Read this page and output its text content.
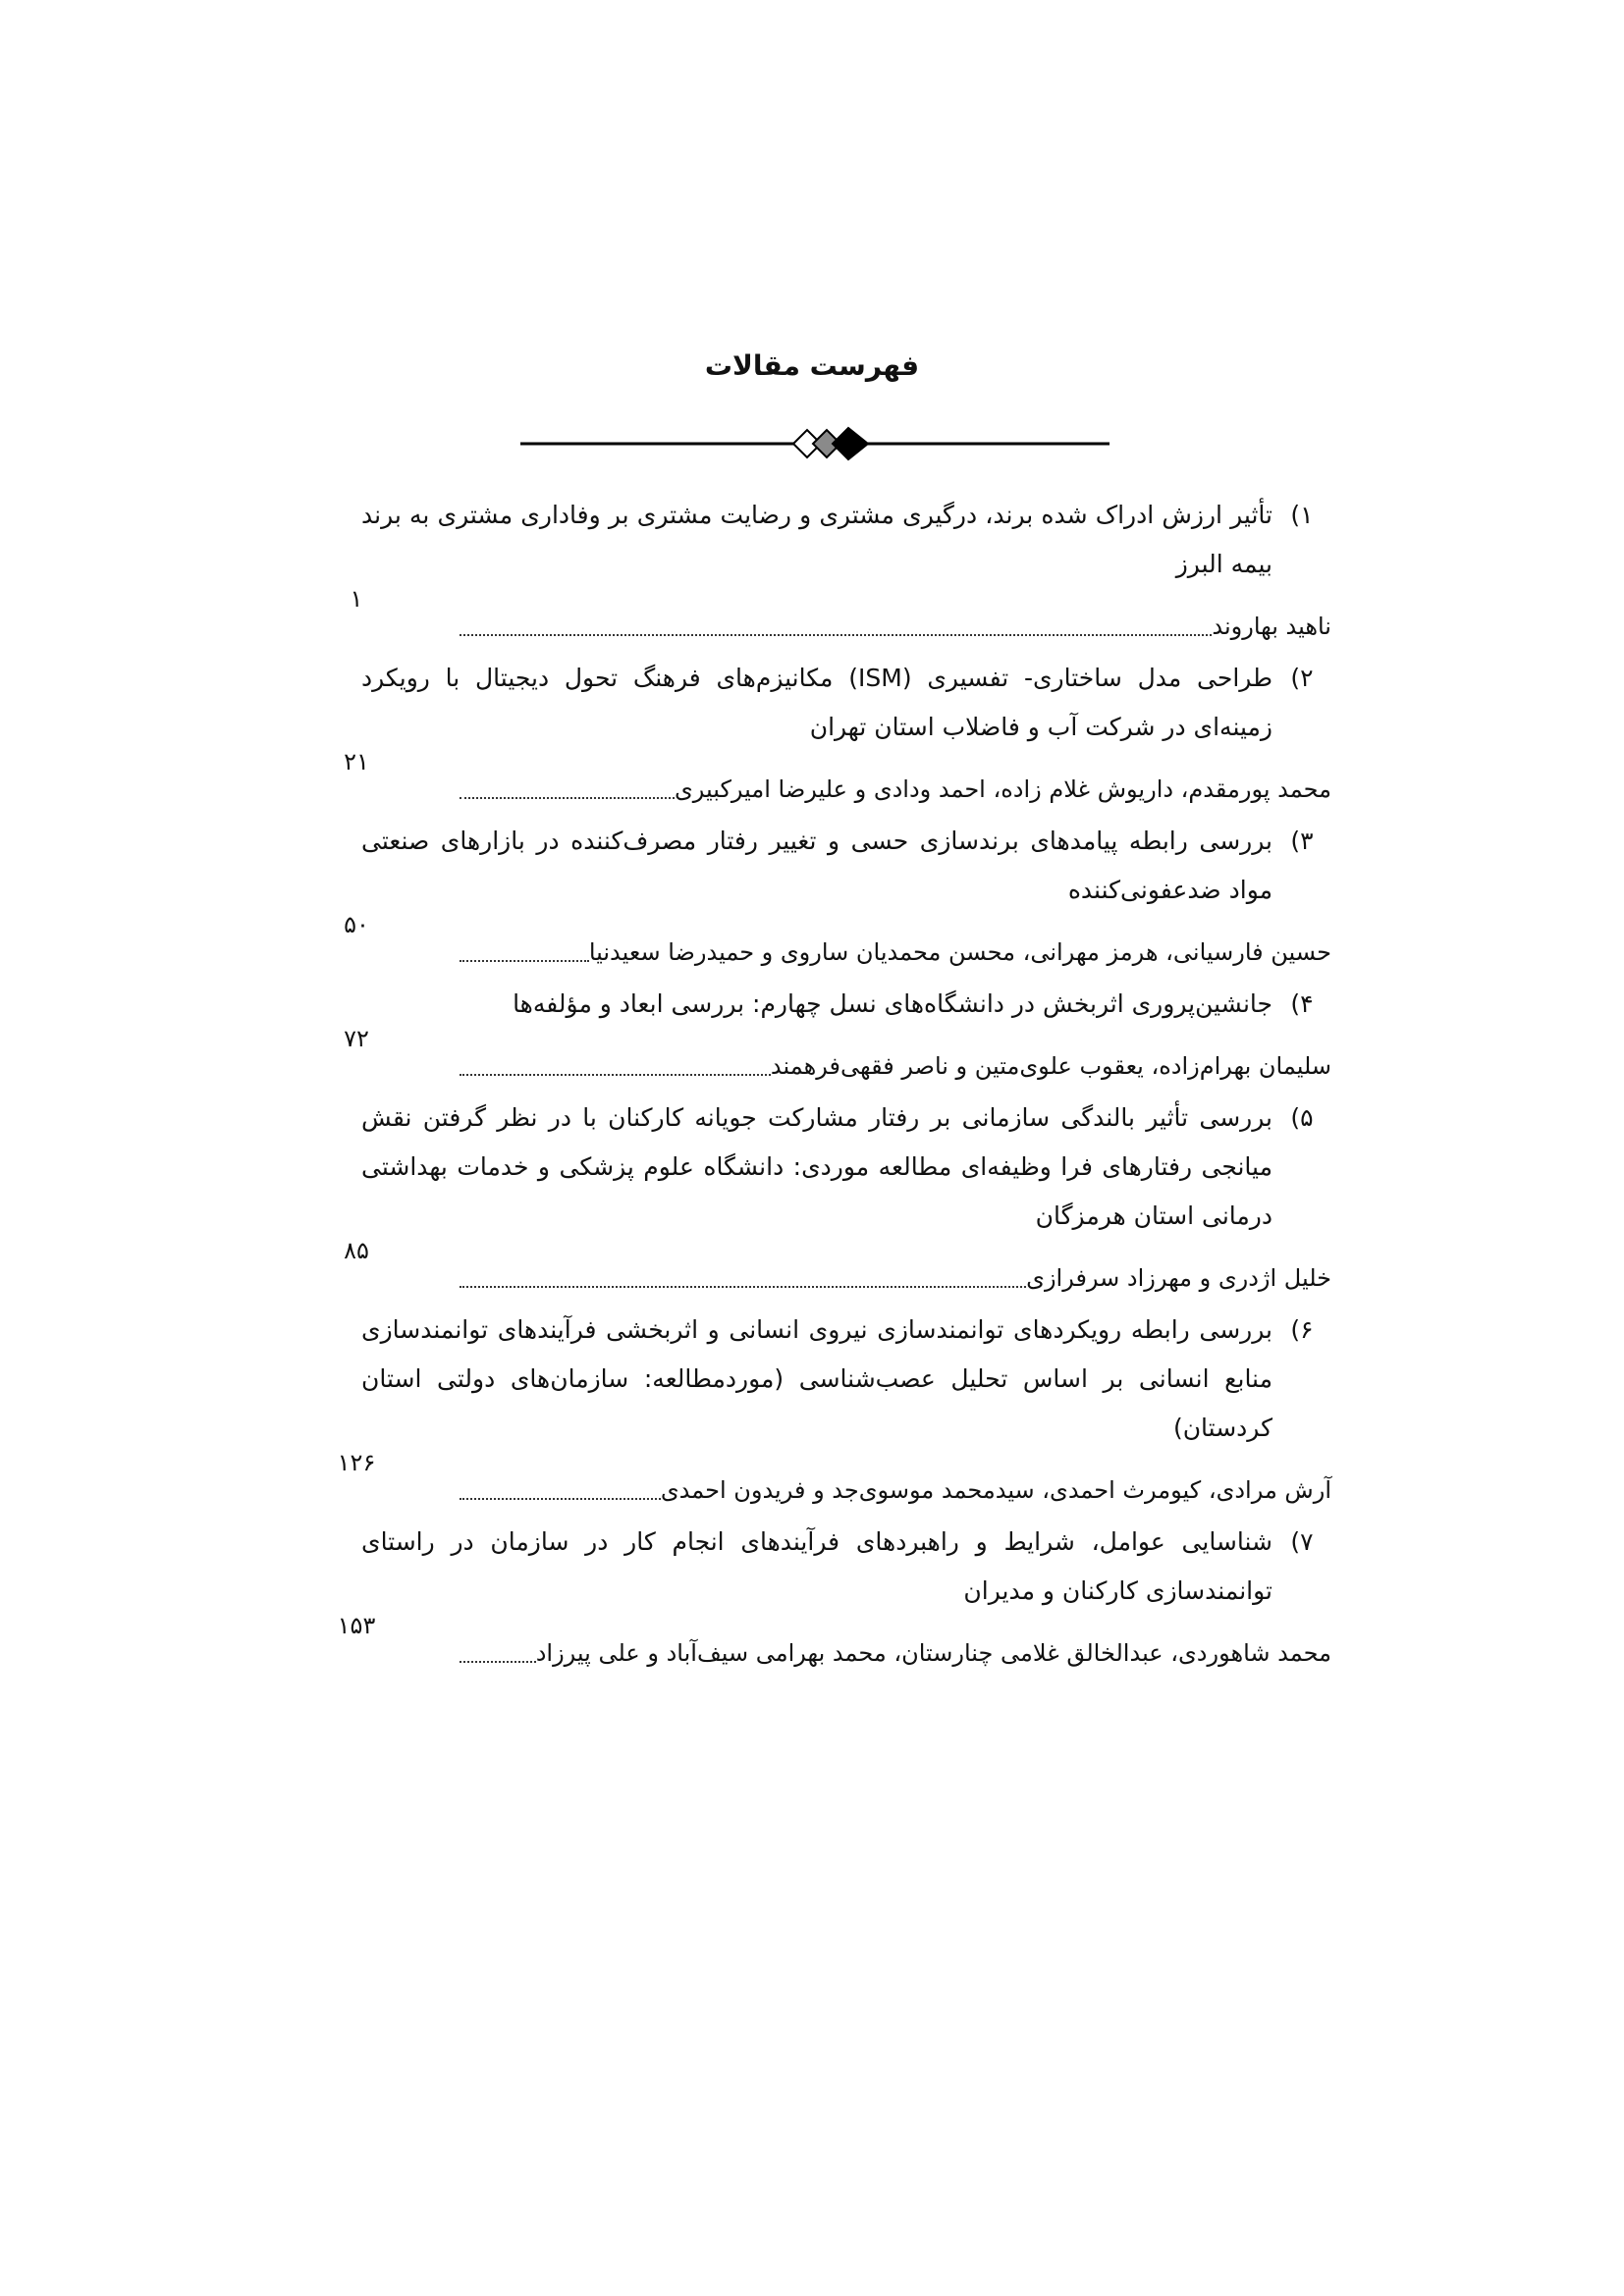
فهرست مقالات
۱)
تأثیر ارزش ادراک شده برند، درگیری مشتری و رضایت مشتری بر وفاداری مشتری به برند بیمه البرز
ناهید بهاروند
۱
۲)
طراحی مدل ساختاری- تفسیری (ISM) مکانیزم‌های فرهنگ تحول دیجیتال با رویکرد زمینه‌ای در شرکت آب و فاضلاب استان تهران
محمد پورمقدم، داریوش غلام زاده، احمد ودادی و علیرضا امیرکبیری
۲۱
۳)
بررسی رابطه پیامدهای برندسازی حسی و تغییر رفتار مصرف‌کننده در بازارهای صنعتی مواد ضدعفونی‌کننده
حسین فارسیانی، هرمز مهرانی، محسن محمدیان ساروی و حمیدرضا سعیدنیا
۵۰
۴)
جانشین‌پروری اثربخش در دانشگاه‌های نسل چهارم: بررسی ابعاد و مؤلفه‌ها
سلیمان بهرام‌زاده، یعقوب علوی‌متین و ناصر فقهی‌فرهمند
۷۲
۵)
بررسی تأثیر بالندگی سازمانی بر رفتار مشارکت جویانه کارکنان با در نظر گرفتن نقش میانجی رفتارهای فرا وظیفه‌ای مطالعه موردی: دانشگاه علوم پزشکی و خدمات بهداشتی درمانی استان هرمزگان
خلیل اژدری و مهرزاد سرفرازی
۸۵
۶)
بررسی رابطه رویکردهای توانمندسازی نیروی انسانی و اثربخشی فرآیندهای توانمندسازی منابع انسانی بر اساس تحلیل عصب‌شناسی (موردمطالعه: سازمان‌های دولتی استان کردستان)
آرش مرادی، کیومرث احمدی، سیدمحمد موسوی‌جد و فریدون احمدی
۱۲۶
۷)
شناسایی عوامل، شرایط و راهبردهای فرآیندهای انجام کار در سازمان در راستای توانمندسازی کارکنان و مدیران
محمد شاهوردی، عبدالخالق غلامی چنارستان، محمد بهرامی سیف‌آباد و علی پیرزاد
۱۵۳
